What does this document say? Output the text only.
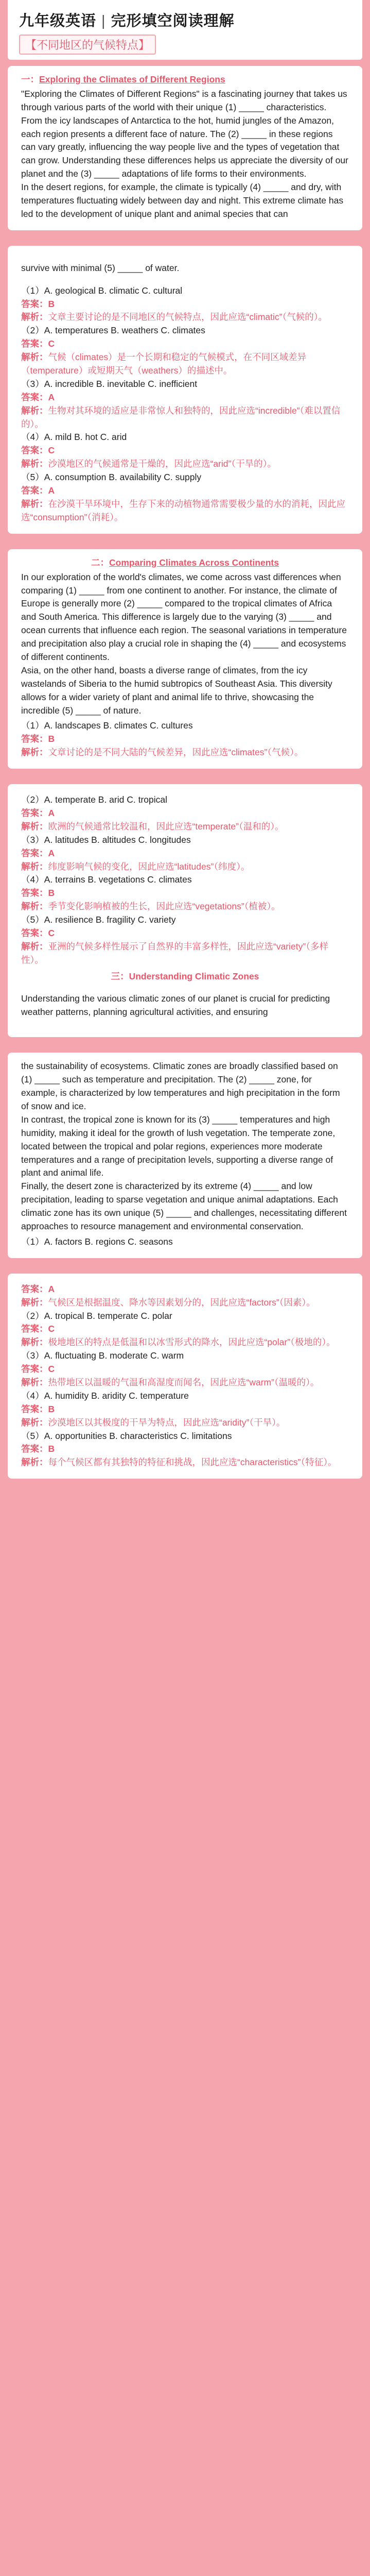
九年级英语 | 完形填空阅读理解
【不同地区的气候特点】
一：Exploring the Climates of Different Regions

"Exploring the Climates of Different Regions" is a fascinating journey that takes us through various parts of the world with their unique (1) _____ characteristics. From the icy landscapes of Antarctica to the hot, humid jungles of the Amazon, each region presents a different face of nature. The (2) _____ in these regions can vary greatly, influencing the way people live and the types of vegetation that can grow. Understanding these differences helps us appreciate the diversity of our planet and the (3) _____ adaptations of life forms to their environments.

In the desert regions, for example, the climate is typically (4) _____ and dry, with temperatures fluctuating widely between day and night. This extreme climate has led to the development of unique plant and animal species that can

survive with minimal (5) _____ of water.

（1）A. geological B. climatic C. cultural

答案：B

解析：文章主要讨论的是不同地区的气候特点，因此应选“climatic”（气候的）。

（2）A. temperatures B. weathers C. climates

答案：C

解析：气候（climates）是一个长期和稳定的气候模式，在不同区域差异（temperature）或短期天气（weathers）的描述中。

（3）A. incredible B. inevitable C. inefficient

答案：A

解析：生物对其环境的适应是非常惊人和独特的，因此应选“incredible”（难以置信的）。

（4）A. mild B. hot C. arid

答案：C

解析：沙漠地区的气候通常是干燥的，因此应选“arid”（干旱的）。

（5）A. consumption B. availability C. supply

答案：A

解析：在沙漠干旱环境中，生存下来的动植物通常需要极少量的水的消耗，因此应选“consumption”（消耗）。

二：Comparing Climates Across Continents

In our exploration of the world's climates, we come across vast differences when comparing (1) _____ from one continent to another. For instance, the climate of Europe is generally more (2) _____ compared to the tropical climates of Africa and South America. This difference is largely due to the varying (3) _____ and ocean currents that influence each region. The seasonal variations in temperature and precipitation also play a crucial role in shaping the (4) _____ and ecosystems of different continents.

Asia, on the other hand, boasts a diverse range of climates, from the icy wastelands of Siberia to the humid subtropics of Southeast Asia. This diversity allows for a wider variety of plant and animal life to thrive, showcasing the incredible (5) _____ of nature.

（1）A. landscapes B. climates C. cultures

答案：B

解析：文章讨论的是不同大陆的气候差异，因此应选“climates”（气候）。

（2）A. temperate B. arid C. tropical

答案：A

解析：欧洲的气候通常比较温和，因此应选“temperate”（温和的）。

（3）A. latitudes B. altitudes C. longitudes

答案：A

解析：纬度影响气候的变化，因此应选“latitudes”（纬度）。

（4）A. terrains B. vegetations C. climates

答案：B

解析：季节变化影响植被的生长，因此应选“vegetations”（植被）。

（5）A. resilience B. fragility C. variety

答案：C

解析：亚洲的气候多样性展示了自然界的丰富多样性，因此应选“variety”（多样性）。

三：Understanding Climatic Zones

Understanding the various climatic zones of our planet is crucial for predicting weather patterns, planning agricultural activities, and ensuring

the sustainability of ecosystems. Climatic zones are broadly classified based on (1) _____ such as temperature and precipitation. The (2) _____ zone, for example, is characterized by low temperatures and high precipitation in the form of snow and ice.

In contrast, the tropical zone is known for its (3) _____ temperatures and high humidity, making it ideal for the growth of lush vegetation. The temperate zone, located between the tropical and polar regions, experiences more moderate temperatures and a range of precipitation levels, supporting a diverse range of plant and animal life.

Finally, the desert zone is characterized by its extreme (4) _____ and low precipitation, leading to sparse vegetation and unique animal adaptations. Each climatic zone has its own unique (5) _____ and challenges, necessitating different approaches to resource management and environmental conservation.

（1）A. factors B. regions C. seasons

答案：A

解析：气候区是根据温度、降水等因素划分的，因此应选“factors”（因素）。

（2）A. tropical B. temperate C. polar

答案：C

解析：极地地区的特点是低温和以冰雪形式的降水，因此应选“polar”（极地的）。

（3）A. fluctuating B. moderate C. warm

答案：C

解析：热带地区以温暖的气温和高湿度而闻名，因此应选“warm”（温暖的）。

（4）A. humidity B. aridity C. temperature

答案：B

解析：沙漠地区以其极度的干旱为特点，因此应选“aridity”（干旱）。

（5）A. opportunities B. characteristics C. limitations

答案：B

解析：每个气候区都有其独特的特征和挑战，因此应选“characteristics”（特征）。
